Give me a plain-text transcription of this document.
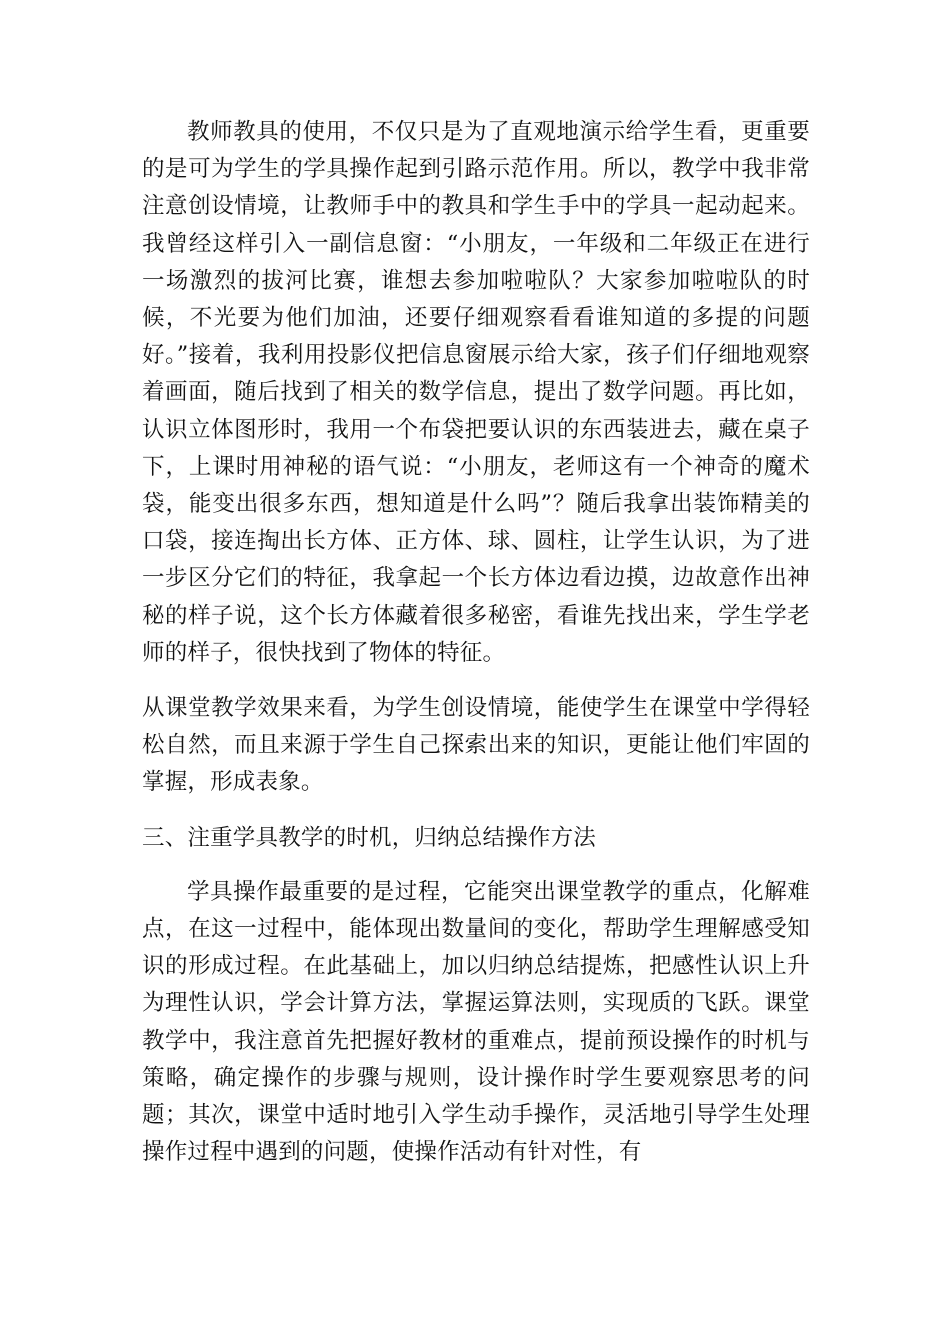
教师教具的使用，不仅只是为了直观地演示给学生看，更重要的是可为学生的学具操作起到引路示范作用。所以，教学中我非常注意创设情境，让教师手中的教具和学生手中的学具一起动起来。我曾经这样引入一副信息窗：“小朋友，一年级和二年级正在进行一场激烈的拔河比赛，谁想去参加啦啦队？大家参加啦啦队的时候，不光要为他们加油，还要仔细观察看看谁知道的多提的问题好。”接着，我利用投影仪把信息窗展示给大家，孩子们仔细地观察着画面，随后找到了相关的数学信息，提出了数学问题。再比如，认识立体图形时，我用一个布袋把要认识的东西装进去，藏在桌子下，上课时用神秘的语气说：“小朋友，老师这有一个神奇的魔术袋，能变出很多东西，想知道是什么吗”？随后我拿出装饰精美的口袋，接连掏出长方体、正方体、球、圆柱，让学生认识，为了进一步区分它们的特征，我拿起一个长方体边看边摸，边故意作出神秘的样子说，这个长方体藏着很多秘密，看谁先找出来，学生学老师的样子，很快找到了物体的特征。

从课堂教学效果来看，为学生创设情境，能使学生在课堂中学得轻松自然，而且来源于学生自己探索出来的知识，更能让他们牢固的掌握，形成表象。

三、注重学具教学的时机，归纳总结操作方法

学具操作最重要的是过程，它能突出课堂教学的重点，化解难点，在这一过程中，能体现出数量间的变化，帮助学生理解感受知识的形成过程。在此基础上，加以归纳总结提炼，把感性认识上升为理性认识，学会计算方法，掌握运算法则，实现质的飞跃。课堂教学中，我注意首先把握好教材的重难点，提前预设操作的时机与策略，确定操作的步骤与规则，设计操作时学生要观察思考的问题；其次，课堂中适时地引入学生动手操作，灵活地引导学生处理操作过程中遇到的问题，使操作活动有针对性，有
